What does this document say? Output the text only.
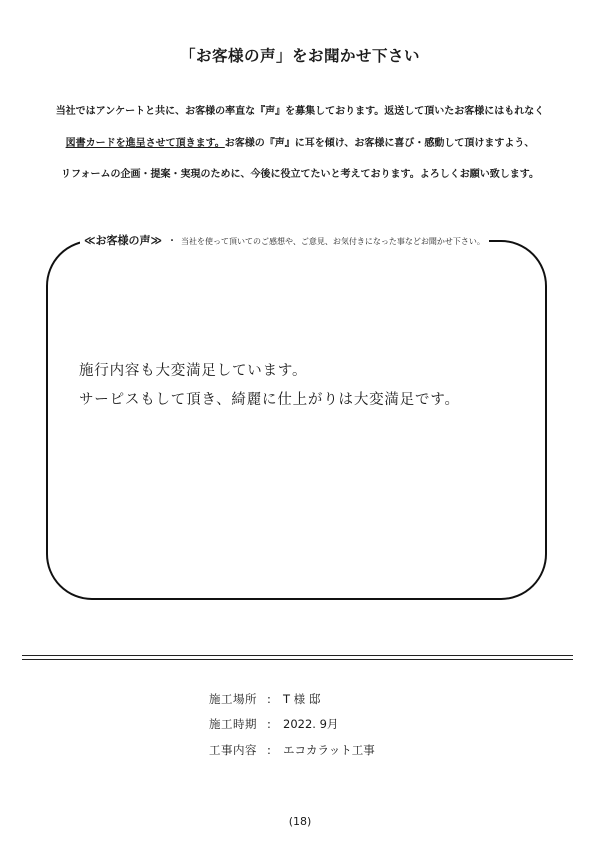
「お客様の声」をお聞かせ下さい
当社ではアンケートと共に、お客様の率直な『声』を募集しております。返送して頂いたお客様にはもれなく
図書カードを進呈させて頂きます。お客様の『声』に耳を傾け、お客様に喜び・感動して頂けますよう、
リフォームの企画・提案・実現のために、今後に役立てたいと考えております。よろしくお願い致します。
≪お客様の声≫ ・ 当社を使って頂いてのご感想や、ご意見、お気付きになった事などお聞かせ下さい。
施行内容も大変満足しています。
サーピスもして頂き、綺麗に仕上がりは大変満足です。
施工場所 : T 様 邸
施工時期 : 2022. 9月
工事内容 : エコカラット工事
(18)
